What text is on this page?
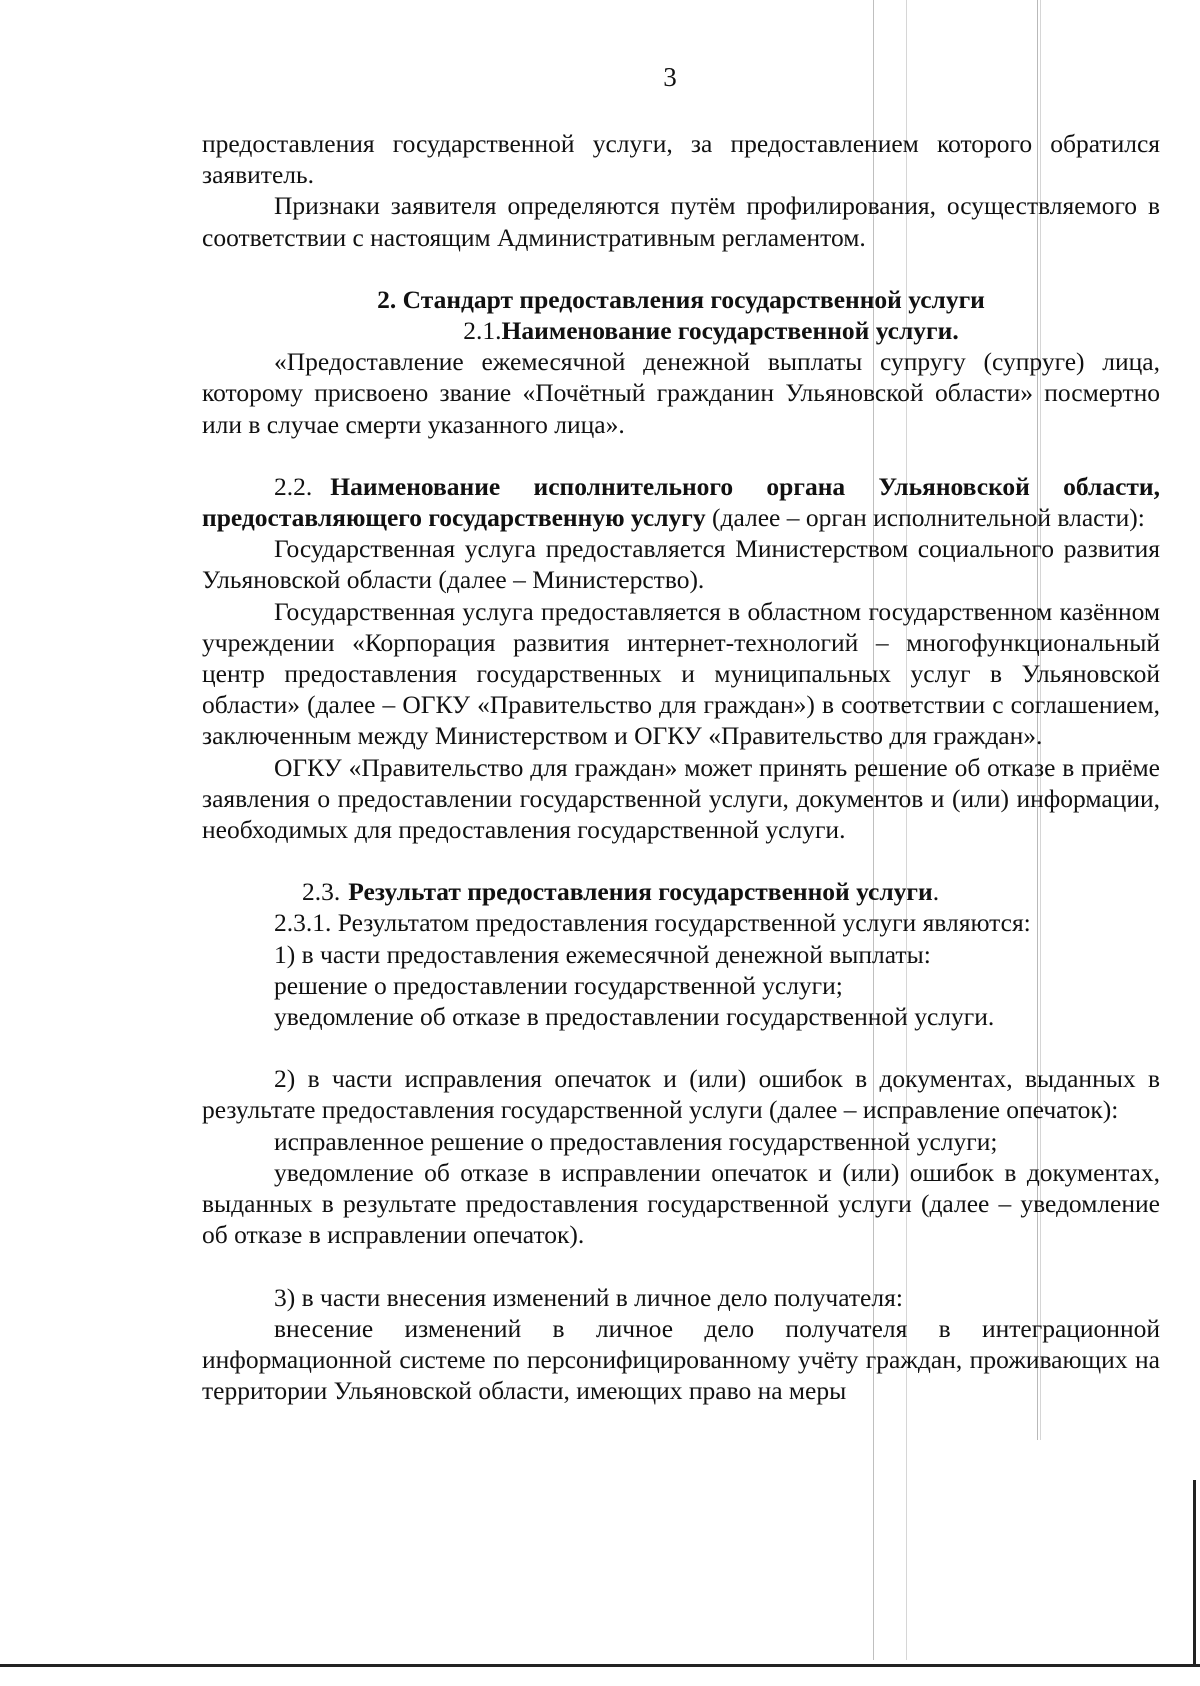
3

предоставления государственной услуги, за предоставлением которого обратился заявитель.

Признаки заявителя определяются путём профилирования, осуществляемого в соответствии с настоящим Административным регламентом.

2. Стандарт предоставления государственной услуги

2.1.Наименование государственной услуги.

«Предоставление ежемесячной денежной выплаты супругу (супруге) лица, которому присвоено звание «Почётный гражданин Ульяновской области» посмертно или в случае смерти указанного лица».

2.2. Наименование исполнительного органа Ульяновской области, предоставляющего государственную услугу (далее – орган исполнительной власти):

Государственная услуга предоставляется Министерством социального развития Ульяновской области (далее – Министерство).

Государственная услуга предоставляется в областном государственном казённом учреждении «Корпорация развития интернет-технологий – многофункциональный центр предоставления государственных и муниципальных услуг в Ульяновской области» (далее – ОГКУ «Правительство для граждан») в соответствии с соглашением, заключенным между Министерством и ОГКУ «Правительство для граждан».

ОГКУ «Правительство для граждан» может принять решение об отказе в приёме заявления о предоставлении государственной услуги, документов и (или) информации, необходимых для предоставления государственной услуги.

2.3. Результат предоставления государственной услуги.

2.3.1. Результатом предоставления государственной услуги являются:

1) в части предоставления ежемесячной денежной выплаты:

решение о предоставлении государственной услуги;

уведомление об отказе в предоставлении государственной услуги.

2) в части исправления опечаток и (или) ошибок в документах, выданных в результате предоставления государственной услуги (далее – исправление опечаток):

исправленное решение о предоставления государственной услуги;

уведомление об отказе в исправлении опечаток и (или) ошибок в документах, выданных в результате предоставления государственной услуги (далее – уведомление об отказе в исправлении опечаток).

3) в части внесения изменений в личное дело получателя:

внесение изменений в личное дело получателя в интеграционной информационной системе по персонифицированному учёту граждан, проживающих на территории Ульяновской области, имеющих право на меры
